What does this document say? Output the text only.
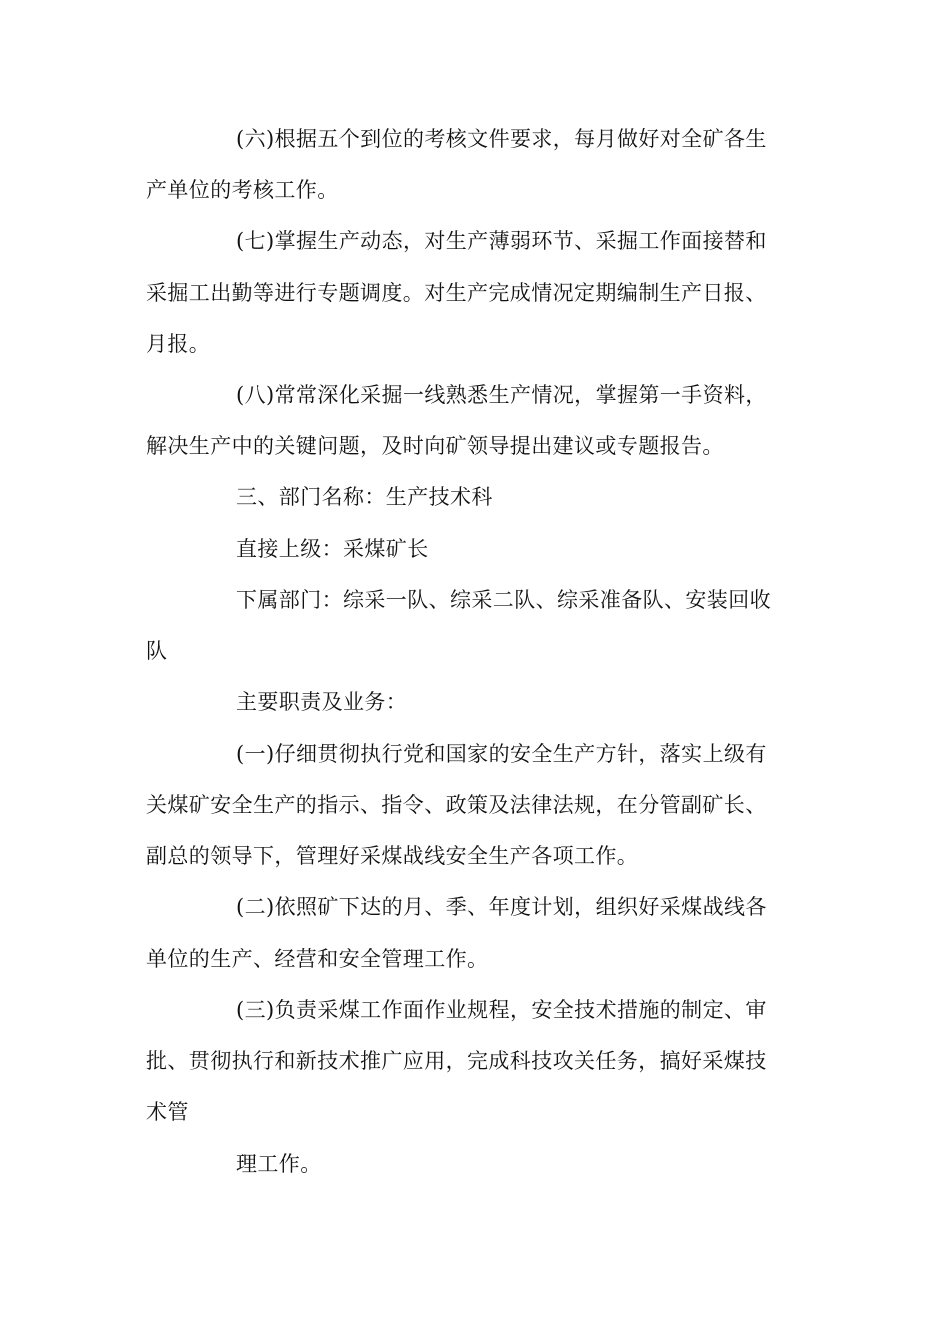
(六)根据五个到位的考核文件要求，每月做好对全矿各生
产单位的考核工作。
(七)掌握生产动态，对生产薄弱环节、采掘工作面接替和
采掘工出勤等进行专题调度。对生产完成情况定期编制生产日报、
月报。
(八)常常深化采掘一线熟悉生产情况，掌握第一手资料，
解决生产中的关键问题，及时向矿领导提出建议或专题报告。
三、部门名称：生产技术科
直接上级：采煤矿长
下属部门：综采一队、综采二队、综采准备队、安装回收
队
主要职责及业务：
(一)仔细贯彻执行党和国家的安全生产方针，落实上级有
关煤矿安全生产的指示、指令、政策及法律法规，在分管副矿长、
副总的领导下，管理好采煤战线安全生产各项工作。
(二)依照矿下达的月、季、年度计划，组织好采煤战线各
单位的生产、经营和安全管理工作。
(三)负责采煤工作面作业规程，安全技术措施的制定、审
批、贯彻执行和新技术推广应用，完成科技攻关任务，搞好采煤技
术管
理工作。
